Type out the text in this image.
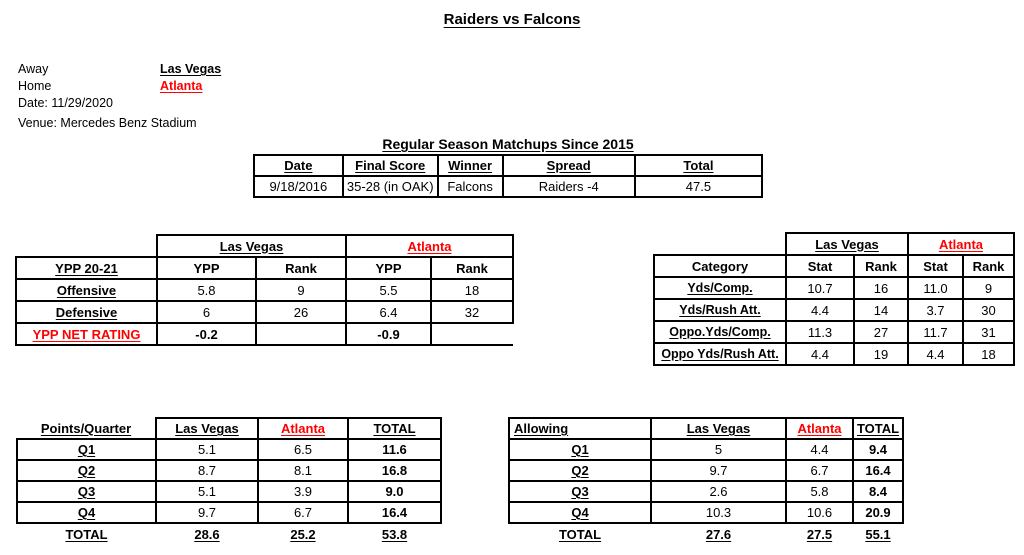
Raiders vs Falcons
Away	Las Vegas
Home	Atlanta
Date: 11/29/2020
Venue: Mercedes Benz Stadium
Regular Season Matchups Since 2015
Date	Final Score	Winner	Spread	Total
9/18/2016	35-28 (in OAK)	Falcons	Raiders -4	47.5
	Las Vegas		Atlanta	
YPP 20-21	YPP	Rank	YPP	Rank
Offensive	5.8	9	5.5	18
Defensive	6	26	6.4	32
YPP NET RATING	-0.2		-0.9	
	Las Vegas		Atlanta	
Category	Stat	Rank	Stat	Rank
Yds/Comp.	10.7	16	11.0	9
Yds/Rush Att.	4.4	14	3.7	30
Oppo.Yds/Comp.	11.3	27	11.7	31
Oppo Yds/Rush Att.	4.4	19	4.4	18
Points/Quarter	Las Vegas	Atlanta	TOTAL
Q1	5.1	6.5	11.6
Q2	8.7	8.1	16.8
Q3	5.1	3.9	9.0
Q4	9.7	6.7	16.4
TOTAL	28.6	25.2	53.8
Allowing	Las Vegas	Atlanta	TOTAL
Q1	5	4.4	9.4
Q2	9.7	6.7	16.4
Q3	2.6	5.8	8.4
Q4	10.3	10.6	20.9
TOTAL	27.6	27.5	55.1
